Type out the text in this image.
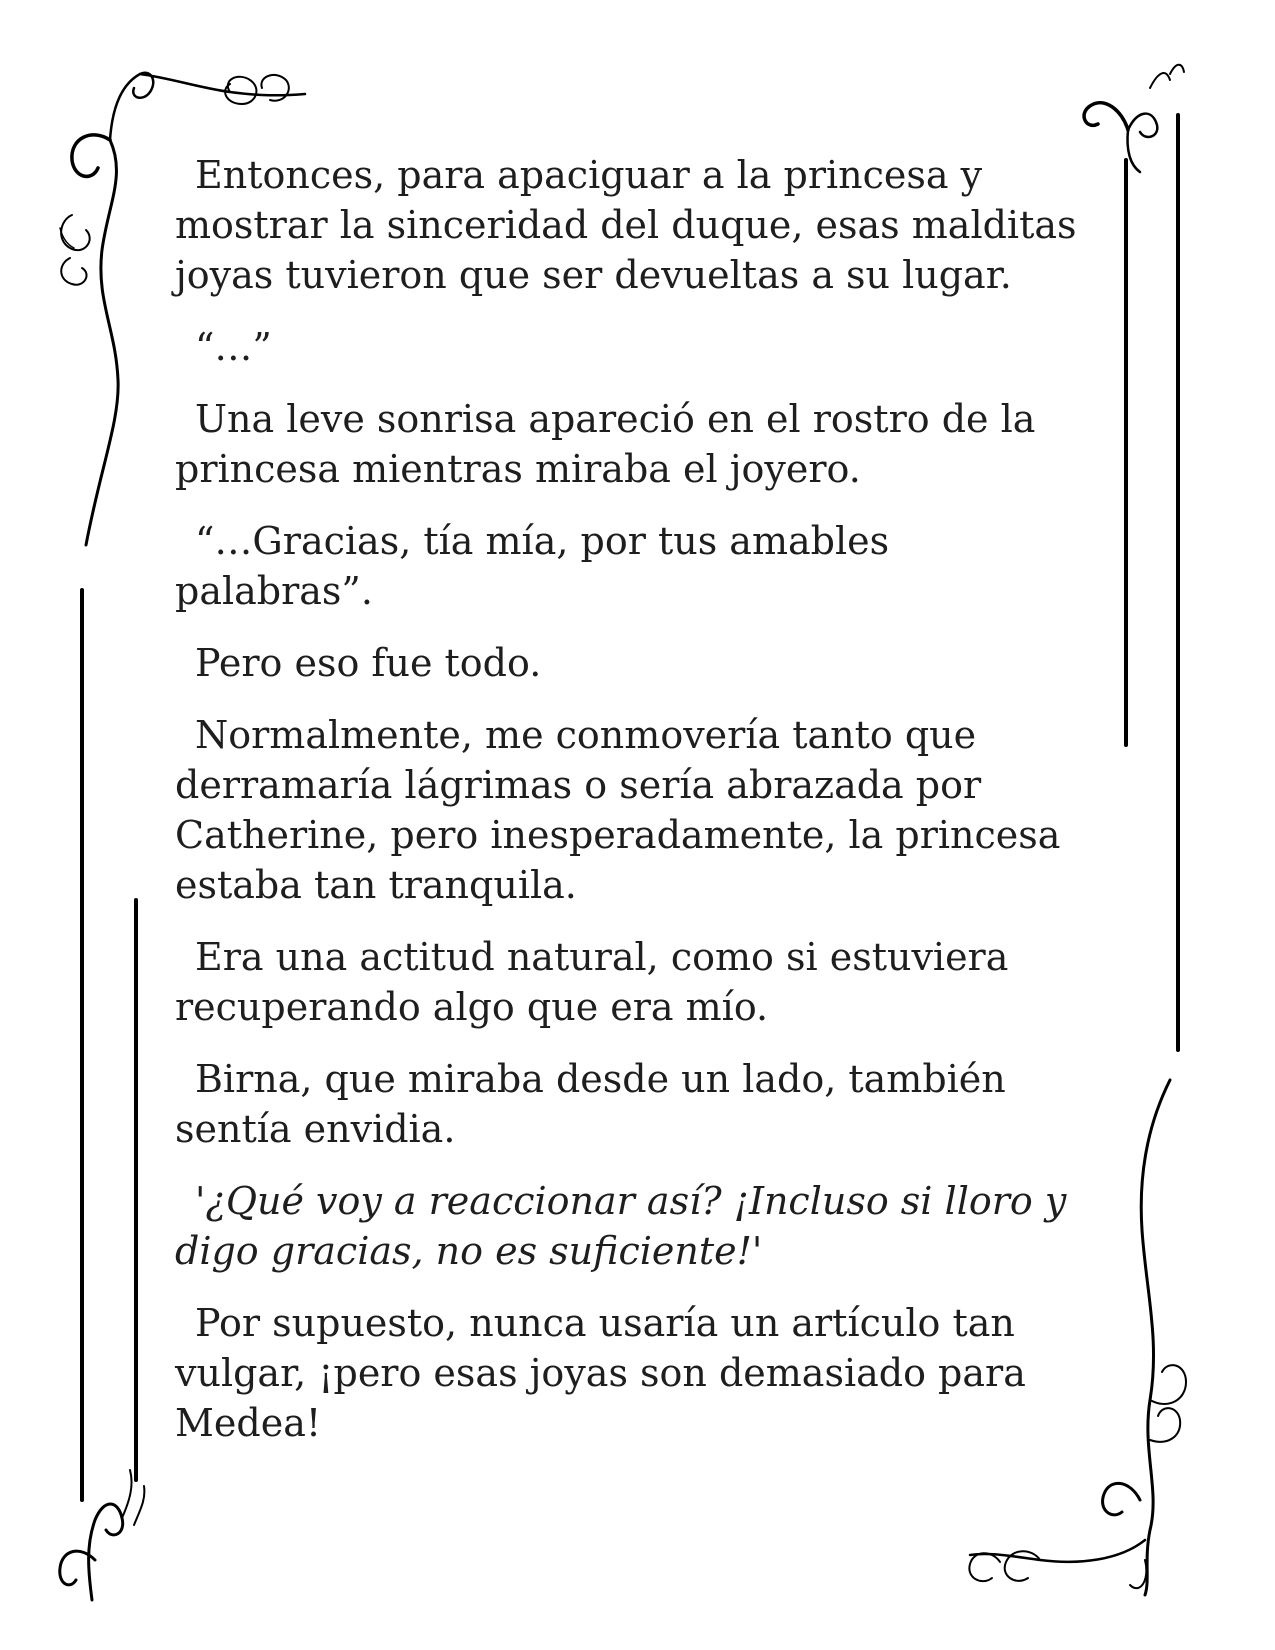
Entonces, para apaciguar a la princesa y mostrar la sinceridad del duque, esas malditas joyas tuvieron que ser devueltas a su lugar.

“…”

Una leve sonrisa apareció en el rostro de la princesa mientras miraba el joyero.

“…Gracias, tía mía, por tus amables palabras”.

Pero eso fue todo.

Normalmente, me conmovería tanto que derramaría lágrimas o sería abrazada por Catherine, pero inesperadamente, la princesa estaba tan tranquila.

Era una actitud natural, como si estuviera recuperando algo que era mío.

Birna, que miraba desde un lado, también sentía envidia.

'¿Qué voy a reaccionar así? ¡Incluso si lloro y digo gracias, no es suficiente!'

Por supuesto, nunca usaría un artículo tan vulgar, ¡pero esas joyas son demasiado para Medea!
